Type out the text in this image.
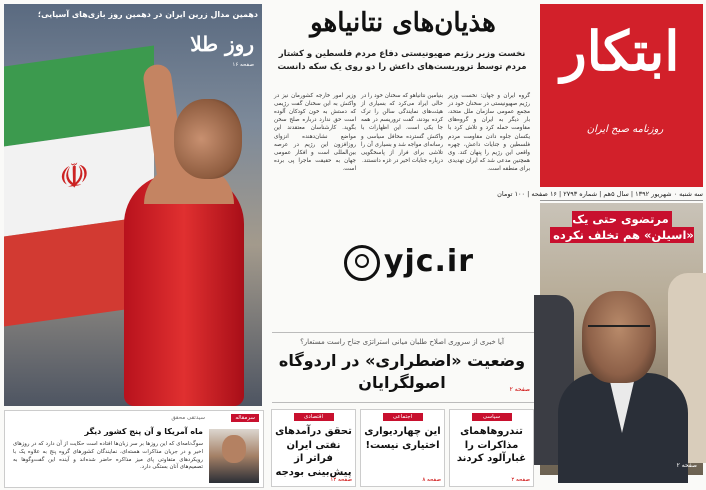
ابتکار
روزنامه صبح ایران
سه شنبه ۰ شهریور ۱۳۹۲ | سال ۵هم | شماره ۲۷۹۳ | ۱۶ صفحه | ۱۰۰ تومان
مرتضوی حتی یک «اسیلن» هم تخلف نکرده
صفحه ۲
هذیان‌های نتانیاهو
نخست وزیر رژیم صهیونیستی دفاع مردم فلسطین و کشتار مردم توسط تروریست‌های داعش را دو روی یک سکه دانست
گروه ایران و جهان: نخست وزیر رژیم صهیونیستی در سخنان خود در مجمع عمومی سازمان ملل متحد، بار دیگر به ایران و گروه‌های مقاومت حمله کرد و تلاش کرد با یکسان جلوه دادن مقاومت مردم فلسطین و جنایات داعش، چهره واقعی این رژیم را پنهان کند. وی همچنین مدعی شد که ایران تهدیدی برای منطقه است.
بنیامین نتانیاهو که سخنان خود را در حالی ایراد می‌کرد که بسیاری از هیئت‌های نمایندگی سالن را ترک کرده بودند، گفت تروریسم در همه جا یکی است. این اظهارات با واکنش گسترده محافل سیاسی و رسانه‌ای مواجه شد و بسیاری آن را تلاشی برای فرار از پاسخگویی درباره جنایات اخیر در غزه دانستند.
وزیر امور خارجه کشورمان نیز در واکنش به این سخنان گفت رژیمی که دستش به خون کودکان آلوده است حق ندارد درباره صلح سخن بگوید. کارشناسان معتقدند این مواضع نشان‌دهنده انزوای روزافزون این رژیم در عرصه بین‌المللی است و افکار عمومی جهان به حقیقت ماجرا پی برده است.
yjc.ir
آیا خبری از سروری اصلاح طلبان میانی استراتژی جناح راست مستعار؟
وضعیت «اضطراری» در اردوگاه اصولگرایان	صفحه ۲
سیاسی
تندروها‌همای مذاکرات را غبارآلود کردند
صفحه ۲
اجتماعی
این چهاردیواری اختیاری نیست!
صفحه ۸
اقتصادی
تحقق درآمدهای نفتی ایران فراتر از پیش‌بینی بودجه
صفحه ۱۲
☫
دهمین مدال زرین ایران در دهمین روز بازی‌های آسیایی؛
روز طلا
صفحه ۱۶
سرمقاله
سید‌تقی محقق
ماه آمریکا و آن پنج کشور دیگر
سوگ‌نامه‌ای که این روزها بر سر زبان‌ها افتاده است حکایت از آن دارد که در روزهای اخیر و در جریان مذاکرات هسته‌ای، نمایندگان کشورهای گروه پنج به علاوه یک با رویکردهای متفاوتی پای میز مذاکره حاضر شده‌اند و آینده این گفت‌وگوها به تصمیم‌های آنان بستگی دارد.
